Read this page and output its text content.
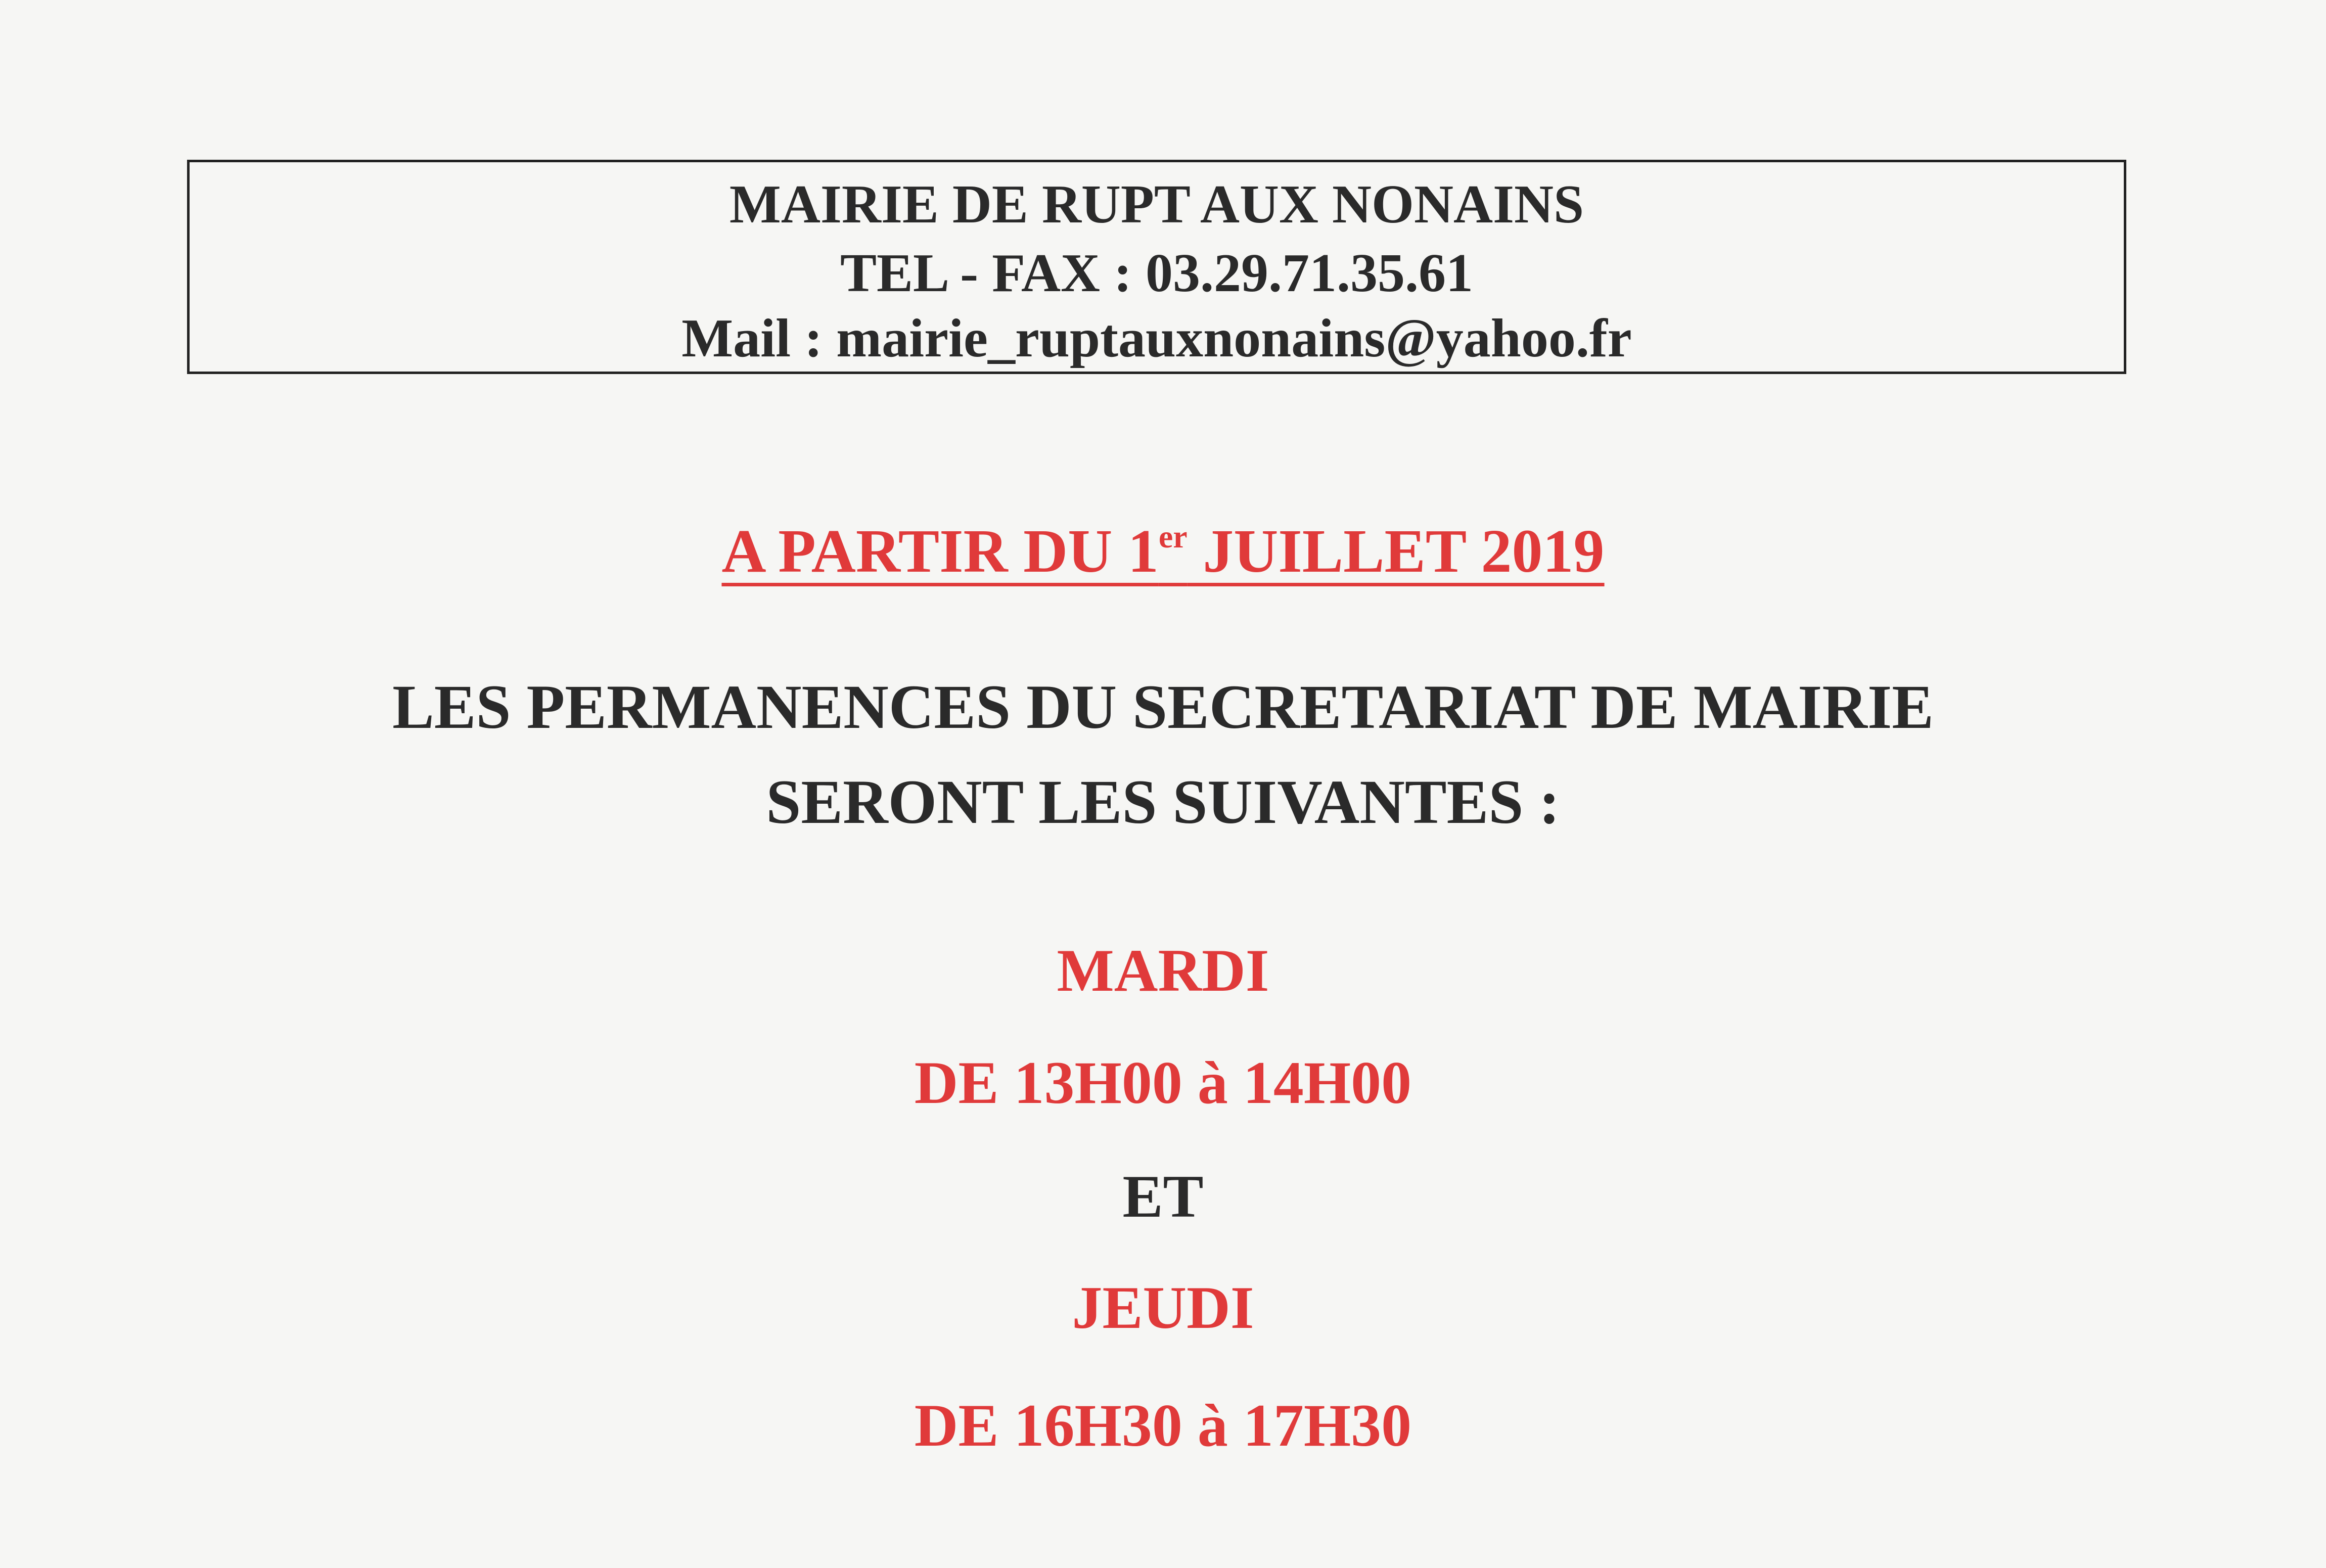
MAIRIE DE RUPT AUX NONAINS
TEL - FAX : 03.29.71.35.61
Mail : mairie_ruptauxnonains@yahoo.fr
A PARTIR DU 1er JUILLET 2019
LES PERMANENCES DU SECRETARIAT DE MAIRIE
SERONT LES SUIVANTES :
MARDI
DE 13H00 à 14H00
ET
JEUDI
DE 16H30 à 17H30
